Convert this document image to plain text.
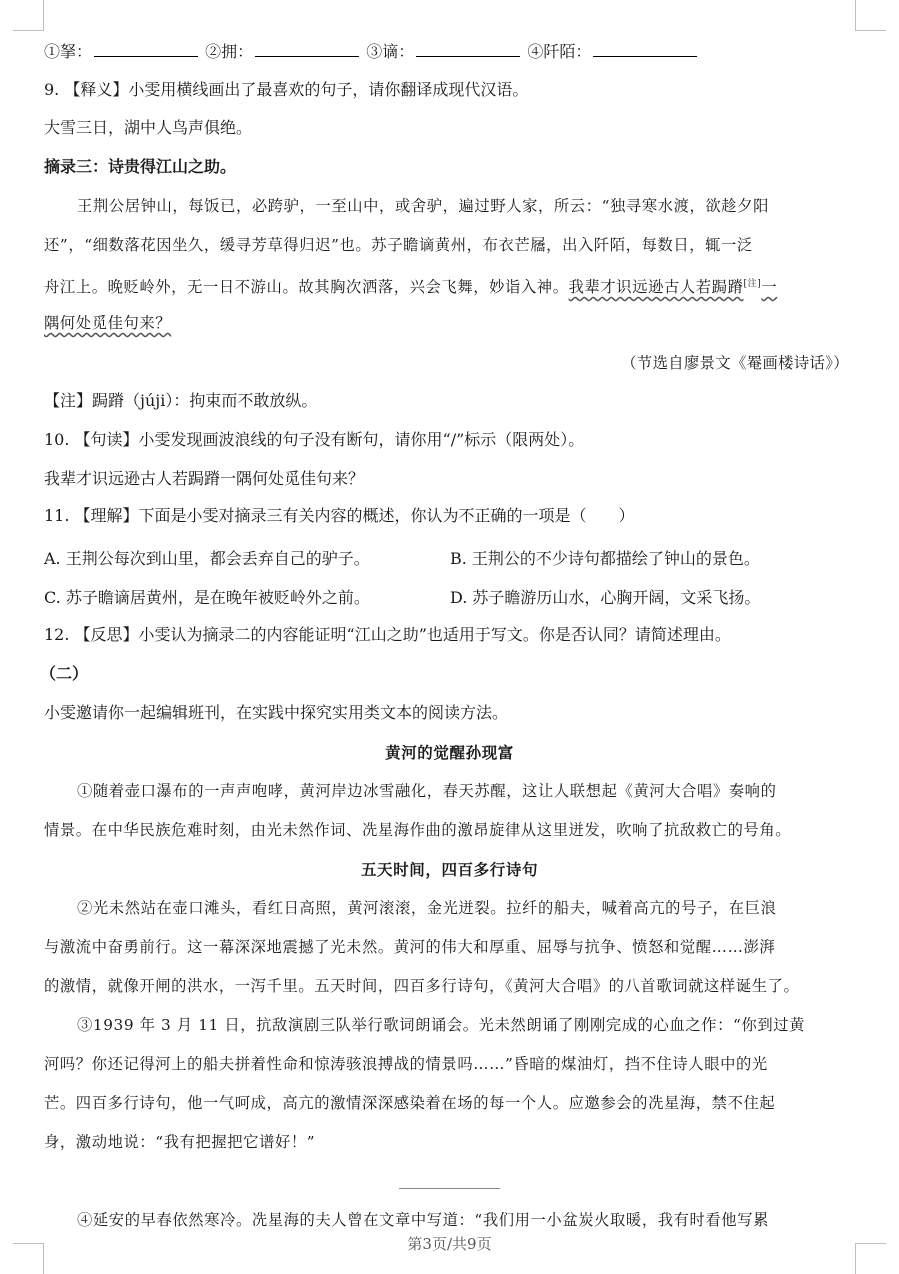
①拏：	②拥：	③谪：	④阡陌：
9. 【释义】小雯用横线画出了最喜欢的句子，请你翻译成现代汉语。
大雪三日，湖中人鸟声俱绝。
摘录三：诗贵得江山之助。
王荆公居钟山，每饭已，必跨驴，一至山中，或舍驴，遍过野人家，所云：“独寻寒水渡，欲趁夕阳
还”，“细数落花因坐久，缓寻芳草得归迟”也。苏子瞻谪黄州，布衣芒屩，出入阡陌，每数日，辄一泛
舟江上。晚贬岭外，无一日不游山。故其胸次洒落，兴会飞舞，妙诣入神。我辈才识远逊古人若跼蹐[注]一
隅何处觅佳句来？
（节选自廖景文《罨画楼诗话》）
【注】跼蹐（júji）：拘束而不敢放纵。
10. 【句读】小雯发现画波浪线的句子没有断句，请你用“/”标示（限两处）。
我辈才识远逊古人若跼蹐一隅何处觅佳句来？
11. 【理解】下面是小雯对摘录三有关内容的概述，你认为不正确的一项是（　　）
A. 王荆公每次到山里，都会丢弃自己的驴子。	B. 王荆公的不少诗句都描绘了钟山的景色。
C. 苏子瞻谪居黄州，是在晚年被贬岭外之前。	D. 苏子瞻游历山水，心胸开阔，文采飞扬。
12. 【反思】小雯认为摘录二的内容能证明“江山之助”也适用于写文。你是否认同？请简述理由。
（二）
小雯邀请你一起编辑班刊，在实践中探究实用类文本的阅读方法。
黄河的觉醒孙现富
①随着壶口瀑布的一声声咆哮，黄河岸边冰雪融化，春天苏醒，这让人联想起《黄河大合唱》奏响的
情景。在中华民族危难时刻，由光未然作词、冼星海作曲的激昂旋律从这里迸发，吹响了抗敌救亡的号角。
五天时间，四百多行诗句
②光未然站在壶口滩头，看红日高照，黄河滚滚，金光迸裂。拉纤的船夫，喊着高亢的号子，在巨浪
与激流中奋勇前行。这一幕深深地震撼了光未然。黄河的伟大和厚重、屈辱与抗争、愤怒和觉醒……澎湃
的激情，就像开闸的洪水，一泻千里。五天时间，四百多行诗句，《黄河大合唱》的八首歌词就这样诞生了。
③1939 年 3 月 11 日，抗敌演剧三队举行歌词朗诵会。光未然朗诵了刚刚完成的心血之作：“你到过黄
河吗？你还记得河上的船夫拼着性命和惊涛骇浪搏战的情景吗……”昏暗的煤油灯，挡不住诗人眼中的光
芒。四百多行诗句，他一气呵成，高亢的激情深深感染着在场的每一个人。应邀参会的冼星海，禁不住起
身，激动地说：“我有把握把它谱好！”
④延安的早春依然寒冷。冼星海的夫人曾在文章中写道：“我们用一小盆炭火取暖，我有时看他写累
第3页/共9页
